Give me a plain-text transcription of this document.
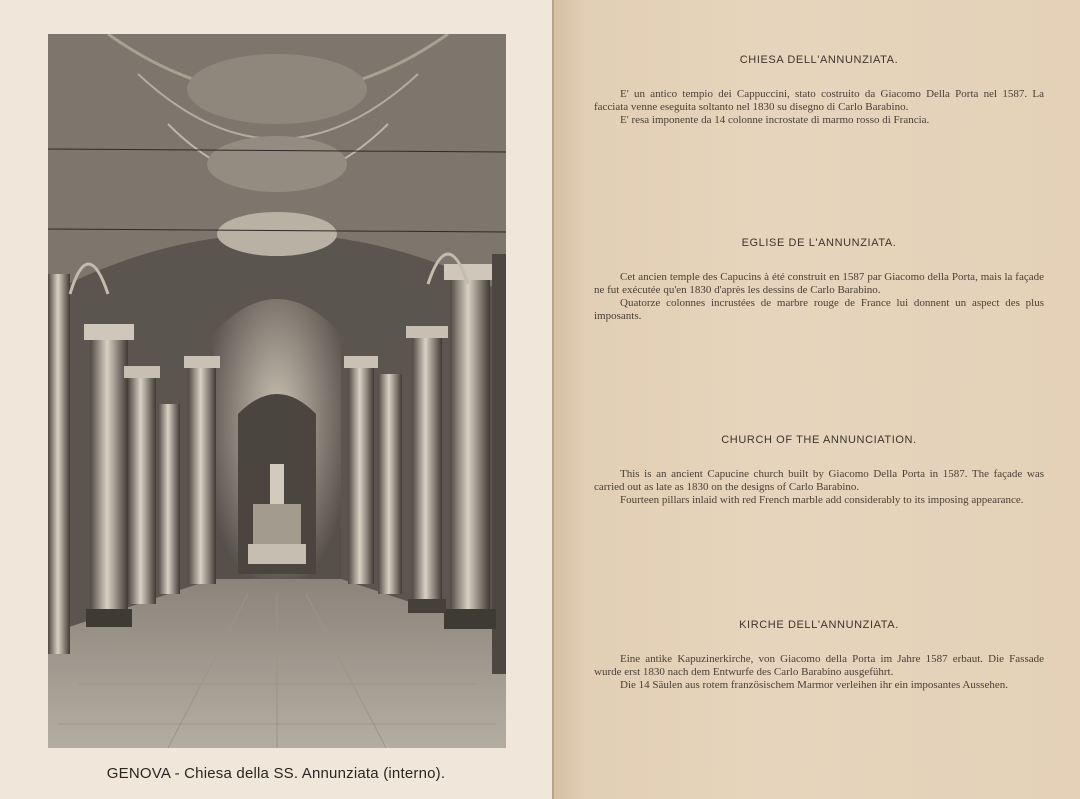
GENOVA - Chiesa della SS. Annunziata (interno).
CHIESA DELL'ANNUNZIATA.

E' un antico tempio dei Cappuccini, stato costruito da Giacomo Della Porta nel 1587. La facciata venne eseguita soltanto nel 1830 su disegno di Carlo Barabino.

E' resa imponente da 14 colonne incrostate di marmo rosso di Francia.

EGLISE DE L'ANNUNZIATA.

Cet ancien temple des Capucins à été construit en 1587 par Giacomo della Porta, mais la façade ne fut exécutée qu'en 1830 d'après les dessins de Carlo Barabino.

Quatorze colonnes incrustées de marbre rouge de France lui donnent un aspect des plus imposants.

CHURCH OF THE ANNUNCIATION.

This is an ancient Capucine church built by Giacomo Della Porta in 1587. The façade was carried out as late as 1830 on the designs of Carlo Barabino.

Fourteen pillars inlaid with red French marble add considerably to its imposing appearance.

KIRCHE DELL'ANNUNZIATA.

Eine antike Kapuzinerkirche, von Giacomo della Porta im Jahre 1587 erbaut. Die Fassade wurde erst 1830 nach dem Entwurfe des Carlo Barabino ausgeführt.

Die 14 Säulen aus rotem französischem Marmor verleihen ihr ein imposantes Aussehen.
